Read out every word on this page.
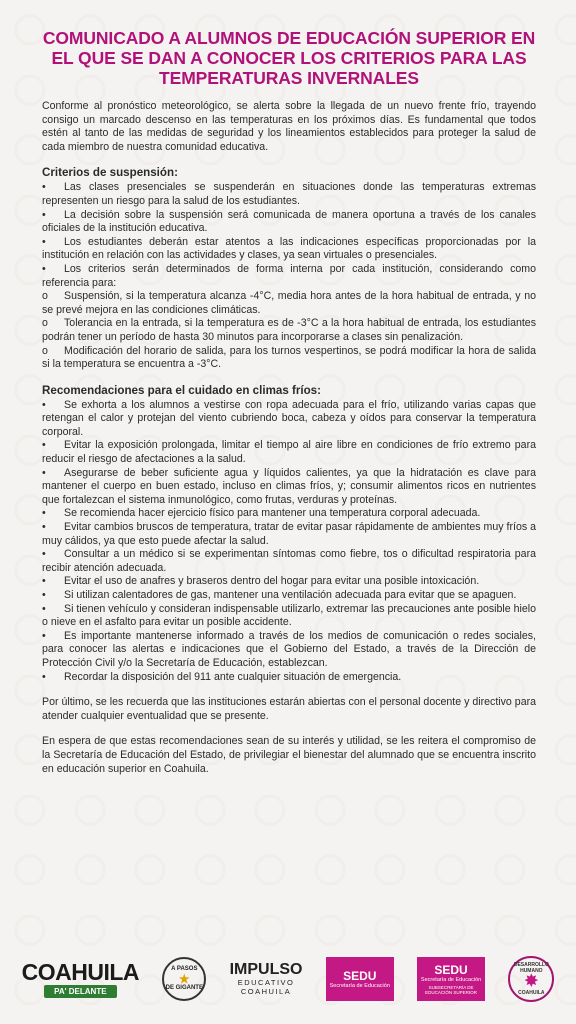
COMUNICADO A ALUMNOS DE EDUCACIÓN SUPERIOR EN EL QUE SE DAN A CONOCER LOS CRITERIOS PARA LAS TEMPERATURAS INVERNALES

Conforme al pronóstico meteorológico, se alerta sobre la llegada de un nuevo frente frío, trayendo consigo un marcado descenso en las temperaturas en los próximos días. Es fundamental que todos estén al tanto de las medidas de seguridad y los lineamientos establecidos para proteger la salud de cada miembro de nuestra comunidad educativa.

Criterios de suspensión:
• Las clases presenciales se suspenderán en situaciones donde las temperaturas extremas representen un riesgo para la salud de los estudiantes.
• La decisión sobre la suspensión será comunicada de manera oportuna a través de los canales oficiales de la institución educativa.
• Los estudiantes deberán estar atentos a las indicaciones específicas proporcionadas por la institución en relación con las actividades y clases, ya sean virtuales o presenciales.
• Los criterios serán determinados de forma interna por cada institución, considerando como referencia para:
o Suspensión, si la temperatura alcanza -4°C, media hora antes de la hora habitual de entrada, y no se prevé mejora en las condiciones climáticas.
o Tolerancia en la entrada, si la temperatura es de -3°C a la hora habitual de entrada, los estudiantes podrán tener un período de hasta 30 minutos para incorporarse a clases sin penalización.
o Modificación del horario de salida, para los turnos vespertinos, se podrá modificar la hora de salida si la temperatura se encuentra a -3°C.
Recomendaciones para el cuidado en climas fríos:
• Se exhorta a los alumnos a vestirse con ropa adecuada para el frío, utilizando varias capas que retengan el calor y protejan del viento cubriendo boca, cabeza y oídos para conservar la temperatura corporal.
• Evitar la exposición prolongada, limitar el tiempo al aire libre en condiciones de frío extremo para reducir el riesgo de afectaciones a la salud.
• Asegurarse de beber suficiente agua y líquidos calientes, ya que la hidratación es clave para mantener el cuerpo en buen estado, incluso en climas fríos, y; consumir alimentos ricos en nutrientes que fortalezcan el sistema inmunológico, como frutas, verduras y proteínas.
• Se recomienda hacer ejercicio físico para mantener una temperatura corporal adecuada.
• Evitar cambios bruscos de temperatura, tratar de evitar pasar rápidamente de ambientes muy fríos a muy cálidos, ya que esto puede afectar la salud.
• Consultar a un médico si se experimentan síntomas como fiebre, tos o dificultad respiratoria para recibir atención adecuada.
• Evitar el uso de anafres y braseros dentro del hogar para evitar una posible intoxicación.
• Si utilizan calentadores de gas, mantener una ventilación adecuada para evitar que se apaguen.
• Si tienen vehículo y consideran indispensable utilizarlo, extremar las precauciones ante posible hielo o nieve en el asfalto para evitar un posible accidente.
• Es importante mantenerse informado a través de los medios de comunicación o redes sociales, para conocer las alertas e indicaciones que el Gobierno del Estado, a través de la Dirección de Protección Civil y/o la Secretaría de Educación, establezcan.
• Recordar la disposición del 911 ante cualquier situación de emergencia.

Por último, se les recuerda que las instituciones estarán abiertas con el personal docente y directivo para atender cualquier eventualidad que se presente.

En espera de que estas recomendaciones sean de su interés y utilidad, se les reitera el compromiso de la Secretaría de Educación del Estado, de privilegiar el bienestar del alumnado que se encuentra inscrito en educación superior en Coahuila.

COAHUILA
PA' DELANTE
A PASOS
★
DE GIGANTE
IMPULSO
EDUCATIVO
COAHUILA
SEDU
Secretaría de Educación
SEDU
Secretaría de Educación
SUBSECRETARÍA DE EDUCACIÓN SUPERIOR
DESARROLLO HUMANO
✸
COAHUILA
